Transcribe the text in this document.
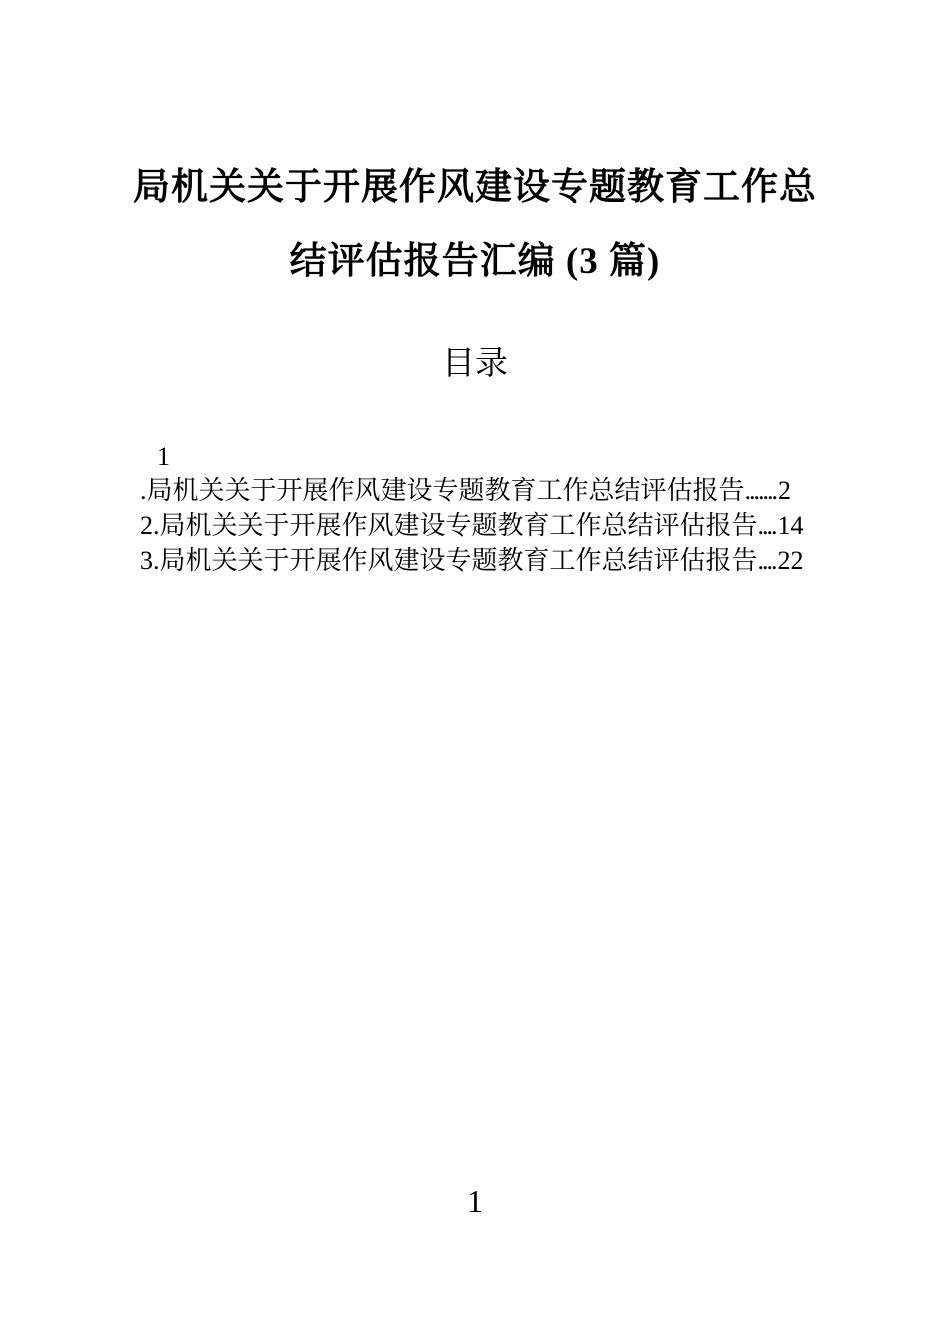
局机关关于开展作风建设专题教育工作总
结评估报告汇编 (3 篇)
目录
1
.局机关关于开展作风建设专题教育工作总结评估报告.......2
2.局机关关于开展作风建设专题教育工作总结评估报告....14
3.局机关关于开展作风建设专题教育工作总结评估报告....22
1
